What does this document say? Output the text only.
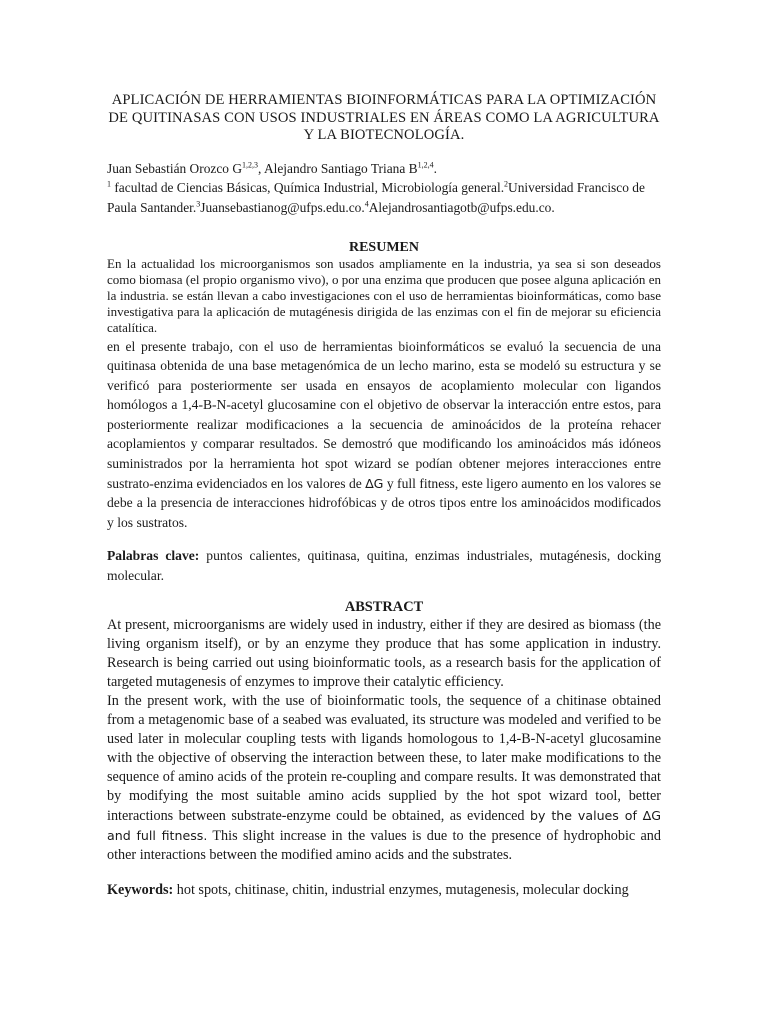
APLICACIÓN DE HERRAMIENTAS BIOINFORMÁTICAS PARA LA OPTIMIZACIÓN DE QUITINASAS CON USOS INDUSTRIALES EN ÁREAS COMO LA AGRICULTURA Y LA BIOTECNOLOGÍA.
Juan Sebastián Orozco G$^{1,2,3}$, Alejandro Santiago Triana B$^{1,2,4}$.
$^1$ facultad de Ciencias Básicas, Química Industrial, Microbiología general.$^2$Universidad Francisco de Paula Santander.$^3$Juansebastianog@ufps.edu.co.$^4$Alejandrosantiagotb@ufps.edu.co.
RESUMEN

En la actualidad los microorganismos son usados ampliamente en la industria, ya sea si son deseados como biomasa (el propio organismo vivo), o por una enzima que producen que posee alguna aplicación en la industria. se están llevan a cabo investigaciones con el uso de herramientas bioinformáticas, como base investigativa para la aplicación de mutagénesis dirigida de las enzimas con el fin de mejorar su eficiencia catalítica.

en el presente trabajo, con el uso de herramientas bioinformáticos se evaluó la secuencia de una quitinasa obtenida de una base metagenómica de un lecho marino, esta se modeló su estructura y se verificó para posteriormente ser usada en ensayos de acoplamiento molecular con ligandos homólogos a 1,4-B-N-acetyl glucosamine con el objetivo de observar la interacción entre estos, para posteriormente realizar modificaciones a la secuencia de aminoácidos de la proteína rehacer acoplamientos y comparar resultados. Se demostró que modificando los aminoácidos más idóneos suministrados por la herramienta hot spot wizard se podían obtener mejores interacciones entre sustrato-enzima evidenciados en los valores de ∆G y full fitness, este ligero aumento en los valores se debe a la presencia de interacciones hidrofóbicas y de otros tipos entre los aminoácidos modificados y los sustratos.

Palabras clave: puntos calientes, quitinasa, quitina, enzimas industriales, mutagénesis, docking molecular.

ABSTRACT

At present, microorganisms are widely used in industry, either if they are desired as biomass (the living organism itself), or by an enzyme they produce that has some application in industry. Research is being carried out using bioinformatic tools, as a research basis for the application of targeted mutagenesis of enzymes to improve their catalytic efficiency.

In the present work, with the use of bioinformatic tools, the sequence of a chitinase obtained from a metagenomic base of a seabed was evaluated, its structure was modeled and verified to be used later in molecular coupling tests with ligands homologous to 1,4-B-N-acetyl glucosamine with the objective of observing the interaction between these, to later make modifications to the sequence of amino acids of the protein re-coupling and compare results. It was demonstrated that by modifying the most suitable amino acids supplied by the hot spot wizard tool, better interactions between substrate-enzyme could be obtained, as evidenced by the values of ∆G and full fitness. This slight increase in the values is due to the presence of hydrophobic and other interactions between the modified amino acids and the substrates.

Keywords: hot spots, chitinase, chitin, industrial enzymes, mutagenesis, molecular docking
